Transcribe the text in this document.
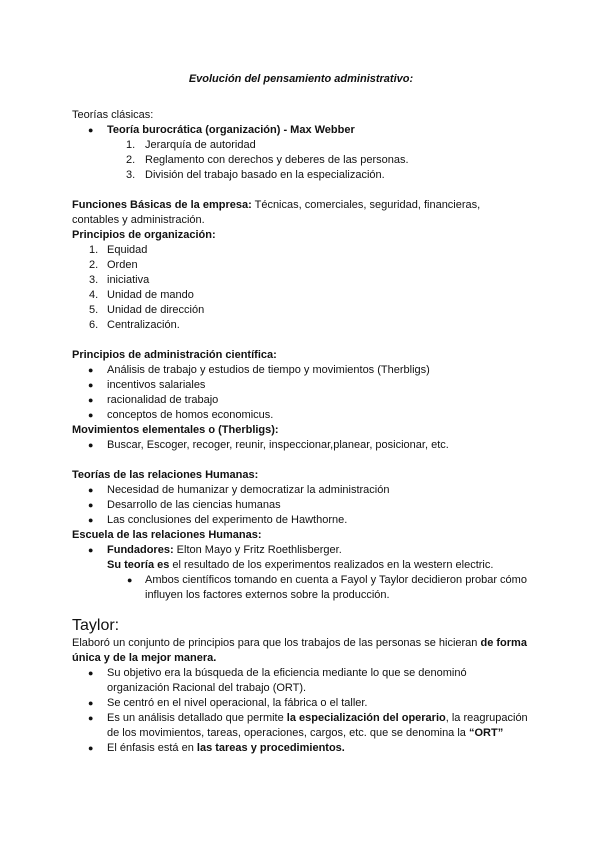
Evolución del pensamiento administrativo:

Teorías clásicas:

● Teoría burocrática (organización) - Max Webber
1. Jerarquía de autoridad
2. Reglamento con derechos y deberes de las personas.
3. División del trabajo basado en la especialización.

Funciones Básicas de la empresa: Técnicas, comerciales, seguridad, financieras, contables y administración.

Principios de organización:

1. Equidad
2. Orden
3. iniciativa
4. Unidad de mando
5. Unidad de dirección
6. Centralización.

Principios de administración científica:

● Análisis de trabajo y estudios de tiempo y movimientos (Therbligs)
● incentivos salariales
● racionalidad de trabajo
● conceptos de homos economicus.

Movimientos elementales o (Therbligs):

● Buscar, Escoger, recoger, reunir, inspeccionar,planear, posicionar, etc.

Teorías de las relaciones Humanas:

● Necesidad de humanizar y democratizar la administración
● Desarrollo de las ciencias humanas
● Las conclusiones del experimento de Hawthorne.

Escuela de las relaciones Humanas:

● Fundadores: Elton Mayo y Fritz Roethlisberger.
Su teoría es el resultado de los experimentos realizados en la western electric.
● Ambos científicos tomando en cuenta a Fayol y Taylor decidieron probar cómo influyen los factores externos sobre la producción.

Taylor:

Elaboró un conjunto de principios para que los trabajos de las personas se hicieran de forma única y de la mejor manera.

● Su objetivo era la búsqueda de la eficiencia mediante lo que se denominó organización Racional del trabajo (ORT).
● Se centró en el nivel operacional, la fábrica o el taller.
● Es un análisis detallado que permite la especialización del operario, la reagrupación de los movimientos, tareas, operaciones, cargos, etc. que se denomina la “ORT”
● El énfasis está en las tareas y procedimientos.
